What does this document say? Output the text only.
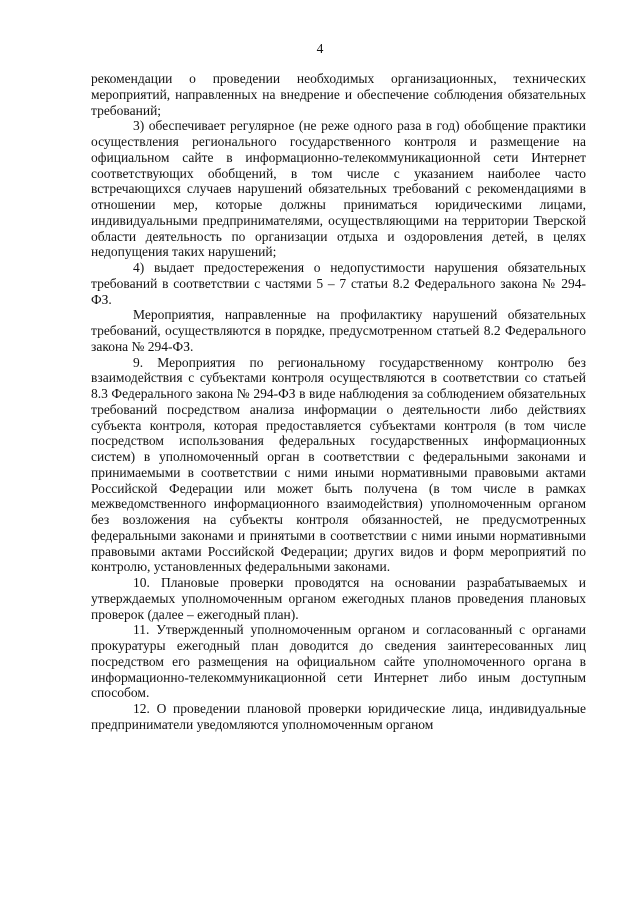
4

рекомендации о проведении необходимых организационных, технических мероприятий, направленных на внедрение и обеспечение соблюдения обязательных требований;

3) обеспечивает регулярное (не реже одного раза в год) обобщение практики осуществления регионального государственного контроля и размещение на официальном сайте в информационно-телекоммуникационной сети Интернет соответствующих обобщений, в том числе с указанием наиболее часто встречающихся случаев нарушений обязательных требований с рекомендациями в отношении мер, которые должны приниматься юридическими лицами, индивидуальными предпринимателями, осуществляющими на территории Тверской области деятельность по организации отдыха и оздоровления детей, в целях недопущения таких нарушений;

4) выдает предостережения о недопустимости нарушения обязательных требований в соответствии с частями 5 – 7 статьи 8.2 Федерального закона № 294-ФЗ.

Мероприятия, направленные на профилактику нарушений обязательных требований, осуществляются в порядке, предусмотренном статьей 8.2 Федерального закона № 294-ФЗ.

9. Мероприятия по региональному государственному контролю без взаимодействия с субъектами контроля осуществляются в соответствии со статьей 8.3 Федерального закона № 294-ФЗ в виде наблюдения за соблюдением обязательных требований посредством анализа информации о деятельности либо действиях субъекта контроля, которая предоставляется субъектами контроля (в том числе посредством использования федеральных государственных информационных систем) в уполномоченный орган в соответствии с федеральными законами и принимаемыми в соответствии с ними иными нормативными правовыми актами Российской Федерации или может быть получена (в том числе в рамках межведомственного информационного взаимодействия) уполномоченным органом без возложения на субъекты контроля обязанностей, не предусмотренных федеральными законами и принятыми в соответствии с ними иными нормативными правовыми актами Российской Федерации; других видов и форм мероприятий по контролю, установленных федеральными законами.

10. Плановые проверки проводятся на основании разрабатываемых и утверждаемых уполномоченным органом ежегодных планов проведения плановых проверок (далее – ежегодный план).

11. Утвержденный уполномоченным органом и согласованный с органами прокуратуры ежегодный план доводится до сведения заинтересованных лиц посредством его размещения на официальном сайте уполномоченного органа в информационно-телекоммуникационной сети Интернет либо иным доступным способом.

12. О проведении плановой проверки юридические лица, индивидуальные предприниматели уведомляются уполномоченным органом
